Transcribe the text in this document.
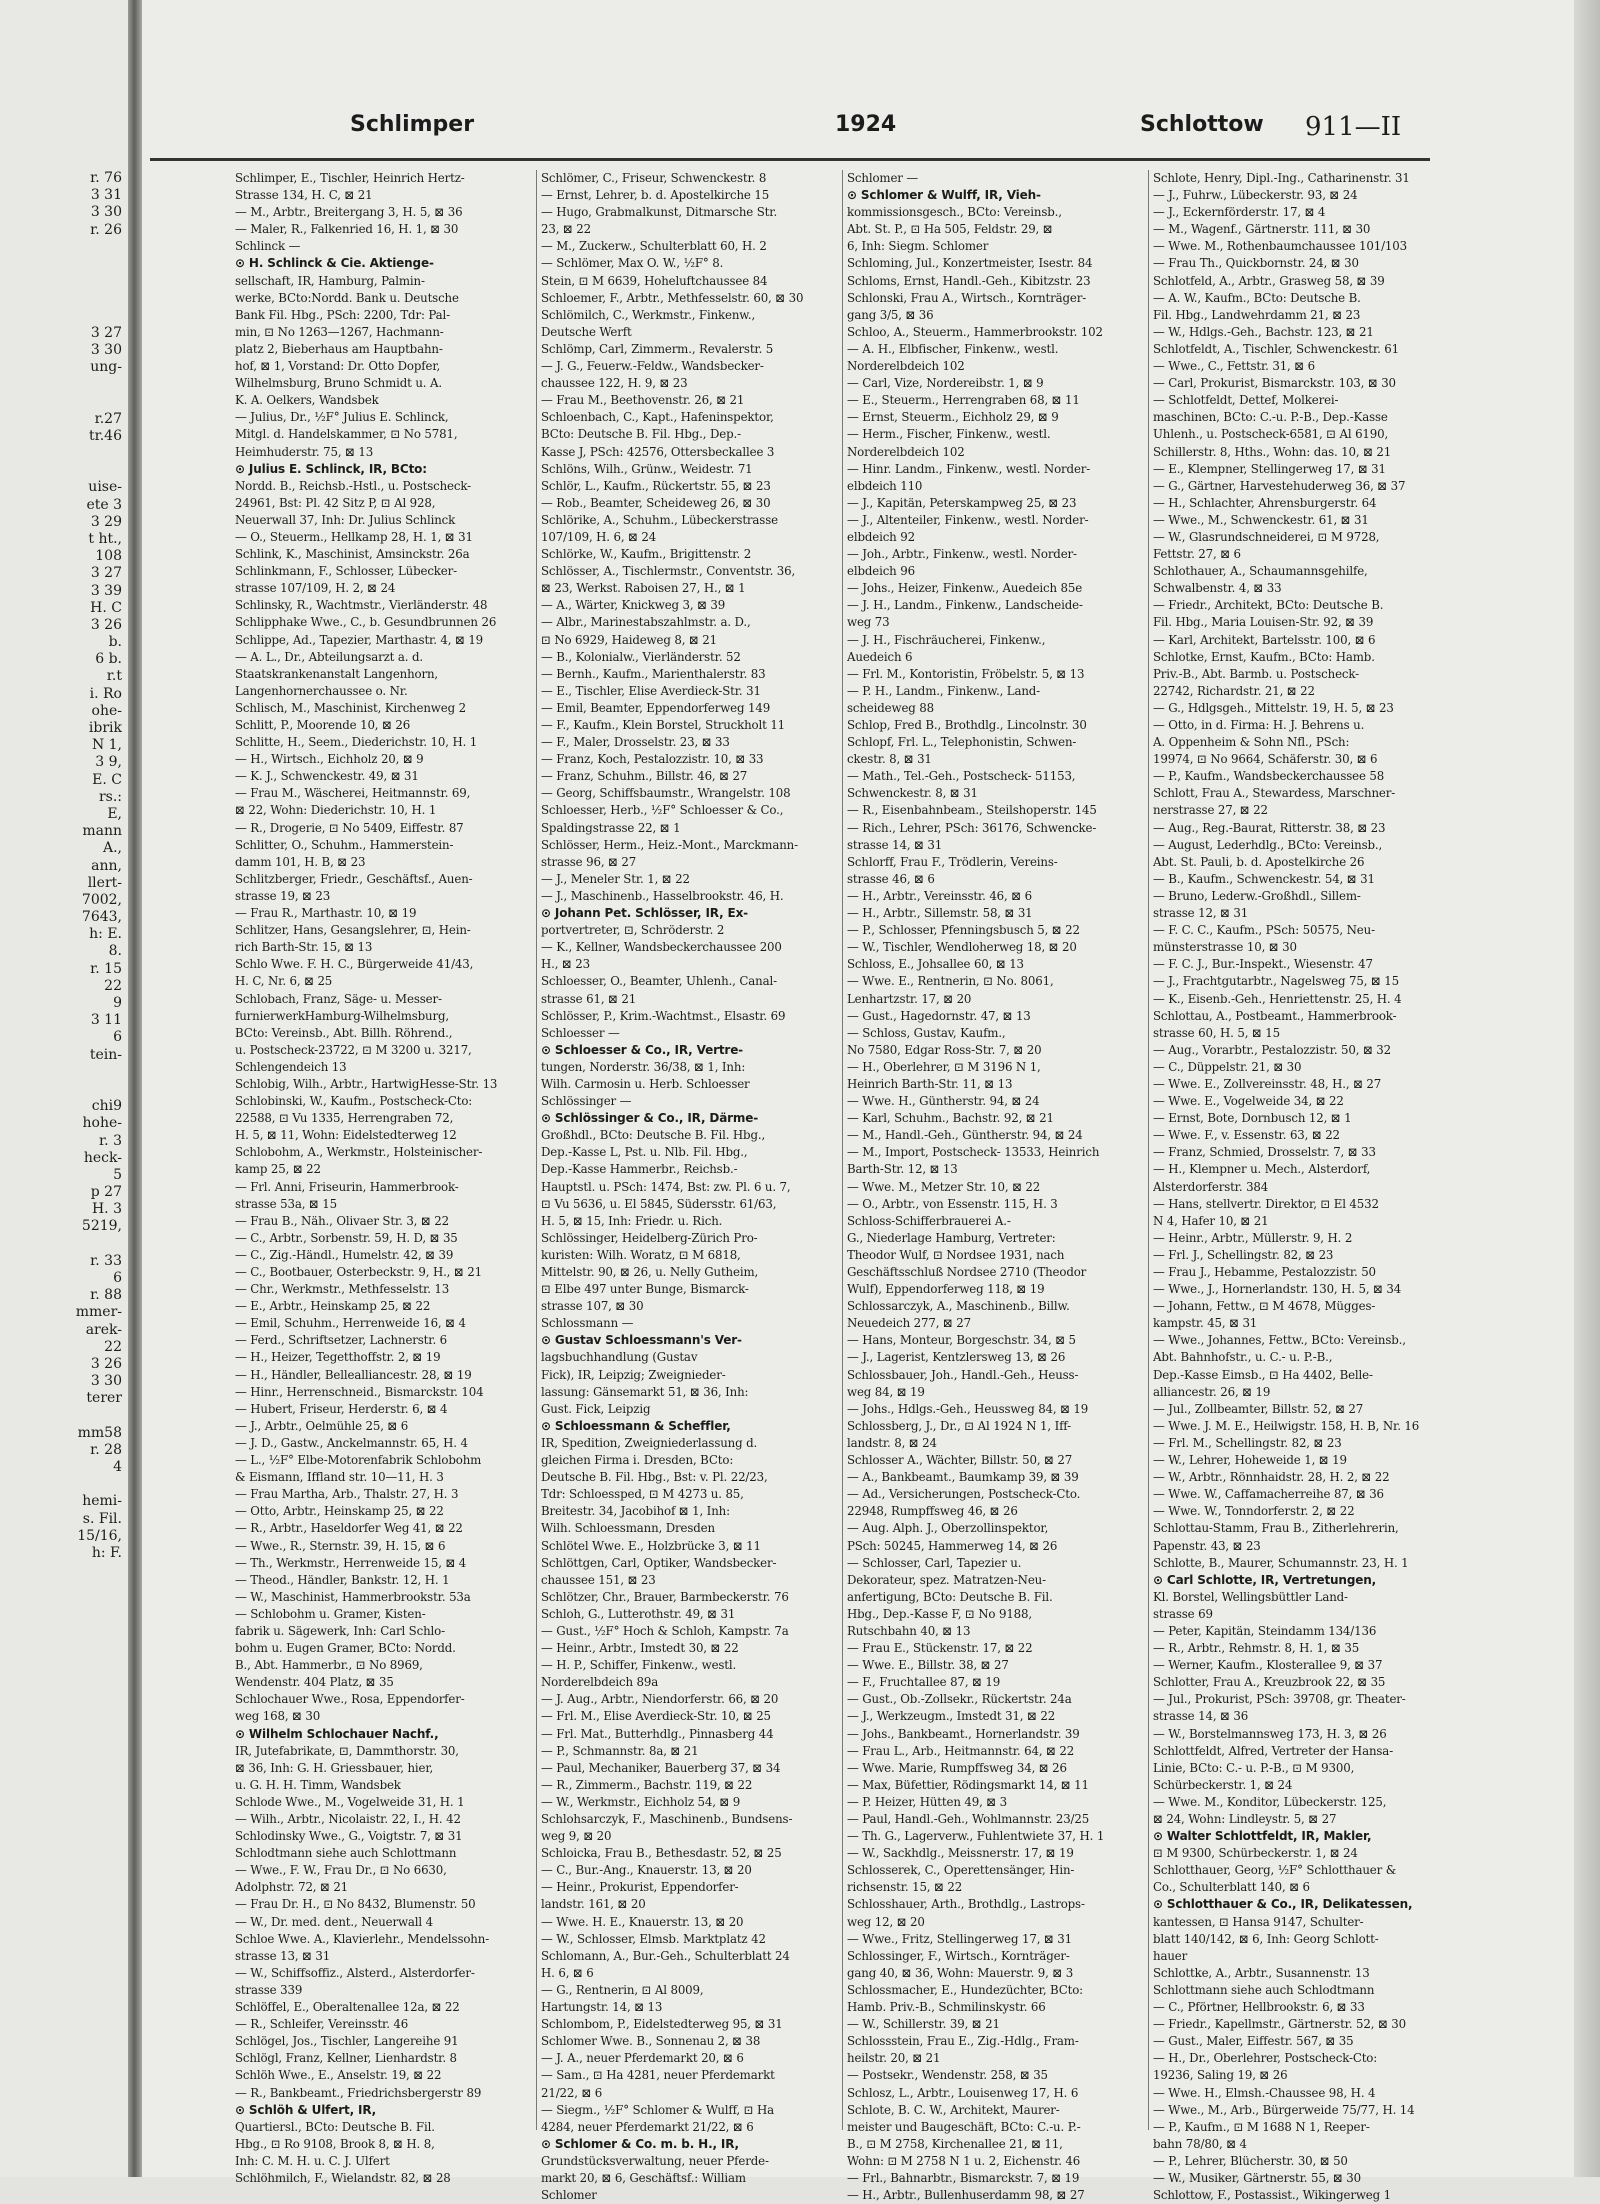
r. 76
3 31
3 30
r. 26
3 27
3 30
ung-
r.27
tr.46
uise-
ete 3
3 29
t ht.,
108
3 27
3 39
H. C
3 26
b.
6 b.
r.t
i. Ro
ohe-
ibrik
N 1,
3 9,
E. C
rs.:
E,
mann
A.,
ann,
llert-
7002,
7643,
h: E.
8.
r. 15
22
9
3 11
6
tein-
chi9
hohe-
r. 3
heck-
5
p 27
H. 3
5219,
r. 33
6
r. 88
mmer-
arek-
22
3 26
3 30
terer
mm58
r. 28
4
hemi-
s. Fil.
15/16,
h: F.
Schlimper	1924	Schlottow 911—II
Schlimper, E., Tischler, Heinrich Hertz-
Strasse 134, H. C, ⊠ 21
— M., Arbtr., Breitergang 3, H. 5, ⊠ 36
— Maler, R., Falkenried 16, H. 1, ⊠ 30
Schlinck —
⊙ H. Schlinck & Cie. Aktienge-
sellschaft, IR, Hamburg, Palmin-
werke, BCto:Nordd. Bank u. Deutsche
Bank Fil. Hbg., PSch: 2200, Tdr: Pal-
min, ⊡ No 1263—1267, Hachmann-
platz 2, Bieberhaus am Hauptbahn-
hof, ⊠ 1, Vorstand: Dr. Otto Dopfer,
Wilhelmsburg, Bruno Schmidt u. A.
K. A. Oelkers, Wandsbek
— Julius, Dr., ½F° Julius E. Schlinck,
Mitgl. d. Handelskammer, ⊡ No 5781,
Heimhuderstr. 75, ⊠ 13
⊙ Julius E. Schlinck, IR, BCto:
Nordd. B., Reichsb.-Hstl., u. Postscheck-
24961, Bst: Pl. 42 Sitz P, ⊡ Al 928,
Neuerwall 37, Inh: Dr. Julius Schlinck
— O., Steuerm., Hellkamp 28, H. 1, ⊠ 31
Schlink, K., Maschinist, Amsinckstr. 26a
Schlinkmann, F., Schlosser, Lübecker-
strasse 107/109, H. 2, ⊠ 24
Schlinsky, R., Wachtmstr., Vierländerstr. 48
Schlipphake Wwe., C., b. Gesundbrunnen 26
Schlippe, Ad., Tapezier, Marthastr. 4, ⊠ 19
— A. L., Dr., Abteilungsarzt a. d.
Staatskrankenanstalt Langenhorn,
Langenhornerchaussee o. Nr.
Schlisch, M., Maschinist, Kirchenweg 2
Schlitt, P., Moorende 10, ⊠ 26
Schlitte, H., Seem., Diederichstr. 10, H. 1
— H., Wirtsch., Eichholz 20, ⊠ 9
— K. J., Schwenckestr. 49, ⊠ 31
— Frau M., Wäscherei, Heitmannstr. 69,
⊠ 22, Wohn: Diederichstr. 10, H. 1
— R., Drogerie, ⊡ No 5409, Eiffestr. 87
Schlitter, O., Schuhm., Hammerstein-
damm 101, H. B, ⊠ 23
Schlitzberger, Friedr., Geschäftsf., Auen-
strasse 19, ⊠ 23
— Frau R., Marthastr. 10, ⊠ 19
Schlitzer, Hans, Gesangslehrer, ⊡, Hein-
rich Barth-Str. 15, ⊠ 13
Schlo Wwe. F. H. C., Bürgerweide 41/43,
H. C, Nr. 6, ⊠ 25
Schlobach, Franz, Säge- u. Messer-
furnierwerkHamburg-Wilhelmsburg,
BCto: Vereinsb., Abt. Billh. Röhrend.,
u. Postscheck-23722, ⊡ M 3200 u. 3217,
Schlengendeich 13
Schlobig, Wilh., Arbtr., HartwigHesse-Str. 13
Schlobinski, W., Kaufm., Postscheck-Cto:
22588, ⊡ Vu 1335, Herrengraben 72,
H. 5, ⊠ 11, Wohn: Eidelstedterweg 12
Schlobohm, A., Werkmstr., Holsteinischer-
kamp 25, ⊠ 22
— Frl. Anni, Friseurin, Hammerbrook-
strasse 53a, ⊠ 15
— Frau B., Näh., Olivaer Str. 3, ⊠ 22
— C., Arbtr., Sorbenstr. 59, H. D, ⊠ 35
— C., Zig.-Händl., Humelstr. 42, ⊠ 39
— C., Bootbauer, Osterbeckstr. 9, H., ⊠ 21
— Chr., Werkmstr., Methfesselstr. 13
— E., Arbtr., Heinskamp 25, ⊠ 22
— Emil, Schuhm., Herrenweide 16, ⊠ 4
— Ferd., Schriftsetzer, Lachnerstr. 6
— H., Heizer, Tegetthoffstr. 2, ⊠ 19
— H., Händler, Bellealliancestr. 28, ⊠ 19
— Hinr., Herrenschneid., Bismarckstr. 104
— Hubert, Friseur, Herderstr. 6, ⊠ 4
— J., Arbtr., Oelmühle 25, ⊠ 6
— J. D., Gastw., Anckelmannstr. 65, H. 4
— L., ½F° Elbe-Motorenfabrik Schlobohm
& Eismann, Iffland str. 10—11, H. 3
— Frau Martha, Arb., Thalstr. 27, H. 3
— Otto, Arbtr., Heinskamp 25, ⊠ 22
— R., Arbtr., Haseldorfer Weg 41, ⊠ 22
— Wwe., R., Sternstr. 39, H. 15, ⊠ 6
— Th., Werkmstr., Herrenweide 15, ⊠ 4
— Theod., Händler, Bankstr. 12, H. 1
— W., Maschinist, Hammerbrookstr. 53a
— Schlobohm u. Gramer, Kisten-
fabrik u. Sägewerk, Inh: Carl Schlo-
bohm u. Eugen Gramer, BCto: Nordd.
B., Abt. Hammerbr., ⊡ No 8969,
Wendenstr. 404 Platz, ⊠ 35
Schlochauer Wwe., Rosa, Eppendorfer-
weg 168, ⊠ 30
⊙ Wilhelm Schlochauer Nachf.,
IR, Jutefabrikate, ⊡, Dammthorstr. 30,
⊠ 36, Inh: G. H. Griessbauer, hier,
u. G. H. H. Timm, Wandsbek
Schlode Wwe., M., Vogelweide 31, H. 1
— Wilh., Arbtr., Nicolaistr. 22, I., H. 42
Schlodinsky Wwe., G., Voigtstr. 7, ⊠ 31
Schlodtmann siehe auch Schlottmann
— Wwe., F. W., Frau Dr., ⊡ No 6630,
Adolphstr. 72, ⊠ 21
— Frau Dr. H., ⊡ No 8432, Blumenstr. 50
— W., Dr. med. dent., Neuerwall 4
Schloe Wwe. A., Klavierlehr., Mendelssohn-
strasse 13, ⊠ 31
— W., Schiffsoffiz., Alsterd., Alsterdorfer-
strasse 339
Schlöffel, E., Oberaltenallee 12a, ⊠ 22
— R., Schleifer, Vereinsstr. 46
Schlögel, Jos., Tischler, Langereihe 91
Schlögl, Franz, Kellner, Lienhardstr. 8
Schlöh Wwe., E., Anselstr. 19, ⊠ 22
— R., Bankbeamt., Friedrichsbergerstr 89
⊙ Schlöh & Ulfert, IR,
Quartiersl., BCto: Deutsche B. Fil.
Hbg., ⊡ Ro 9108, Brook 8, ⊠ H. 8,
Inh: C. M. H. u. C. J. Ulfert
Schlöhmilch, F., Wielandstr. 82, ⊠ 28
Schlömer, C., Friseur, Schwenckestr. 8
— Ernst, Lehrer, b. d. Apostelkirche 15
— Hugo, Grabmalkunst, Ditmarsche Str.
23, ⊠ 22
— M., Zuckerw., Schulterblatt 60, H. 2
— Schlömer, Max O. W., ½F° 8.
Stein, ⊡ M 6639, Hoheluftchaussee 84
Schloemer, F., Arbtr., Methfesselstr. 60, ⊠ 30
Schlömilch, C., Werkmstr., Finkenw.,
Deutsche Werft
Schlömp, Carl, Zimmerm., Revalerstr. 5
— J. G., Feuerw.-Feldw., Wandsbecker-
chaussee 122, H. 9, ⊠ 23
— Frau M., Beethovenstr. 26, ⊠ 21
Schloenbach, C., Kapt., Hafeninspektor,
BCto: Deutsche B. Fil. Hbg., Dep.-
Kasse J, PSch: 42576, Ottersbeckallee 3
Schlöns, Wilh., Grünw., Weidestr. 71
Schlör, L., Kaufm., Rückertstr. 55, ⊠ 23
— Rob., Beamter, Scheideweg 26, ⊠ 30
Schlörike, A., Schuhm., Lübeckerstrasse
107/109, H. 6, ⊠ 24
Schlörke, W., Kaufm., Brigittenstr. 2
Schlösser, A., Tischlermstr., Conventstr. 36,
⊠ 23, Werkst. Raboisen 27, H., ⊠ 1
— A., Wärter, Knickweg 3, ⊠ 39
— Albr., Marinestabszahlmstr. a. D.,
⊡ No 6929, Haideweg 8, ⊠ 21
— B., Kolonialw., Vierländerstr. 52
— Bernh., Kaufm., Marienthalerstr. 83
— E., Tischler, Elise Averdieck-Str. 31
— Emil, Beamter, Eppendorferweg 149
— F., Kaufm., Klein Borstel, Struckholt 11
— F., Maler, Drosselstr. 23, ⊠ 33
— Franz, Koch, Pestalozzistr. 10, ⊠ 33
— Franz, Schuhm., Billstr. 46, ⊠ 27
— Georg, Schiffsbaumstr., Wrangelstr. 108
Schloesser, Herb., ½F° Schloesser & Co.,
Spaldingstrasse 22, ⊠ 1
Schlösser, Herm., Heiz.-Mont., Marckmann-
strasse 96, ⊠ 27
— J., Meneler Str. 1, ⊠ 22
— J., Maschinenb., Hasselbrookstr. 46, H.
⊙ Johann Pet. Schlösser, IR, Ex-
portvertreter, ⊡, Schröderstr. 2
— K., Kellner, Wandsbeckerchaussee 200
H., ⊠ 23
Schloesser, O., Beamter, Uhlenh., Canal-
strasse 61, ⊠ 21
Schlösser, P., Krim.-Wachtmst., Elsastr. 69
Schloesser —
⊙ Schloesser & Co., IR, Vertre-
tungen, Norderstr. 36/38, ⊠ 1, Inh:
Wilh. Carmosin u. Herb. Schloesser
Schlössinger —
⊙ Schlössinger & Co., IR, Därme-
Großhdl., BCto: Deutsche B. Fil. Hbg.,
Dep.-Kasse L, Pst. u. Nlb. Fil. Hbg.,
Dep.-Kasse Hammerbr., Reichsb.-
Hauptstl. u. PSch: 1474, Bst: zw. Pl. 6 u. 7,
⊡ Vu 5636, u. El 5845, Südersstr. 61/63,
H. 5, ⊠ 15, Inh: Friedr. u. Rich.
Schlössinger, Heidelberg-Zürich Pro-
kuristen: Wilh. Woratz, ⊡ M 6818,
Mittelstr. 90, ⊠ 26, u. Nelly Gutheim,
⊡ Elbe 497 unter Bunge, Bismarck-
strasse 107, ⊠ 30
Schlossmann —
⊙ Gustav Schloessmann's Ver-
lagsbuchhandlung (Gustav
Fick), IR, Leipzig; Zweignieder-
lassung: Gänsemarkt 51, ⊠ 36, Inh:
Gust. Fick, Leipzig
⊙ Schloessmann & Scheffler,
IR, Spedition, Zweigniederlassung d.
gleichen Firma i. Dresden, BCto:
Deutsche B. Fil. Hbg., Bst: v. Pl. 22/23,
Tdr: Schloessped, ⊡ M 4273 u. 85,
Breitestr. 34, Jacobihof ⊠ 1, Inh:
Wilh. Schloessmann, Dresden
Schlötel Wwe. E., Holzbrücke 3, ⊠ 11
Schlöttgen, Carl, Optiker, Wandsbecker-
chaussee 151, ⊠ 23
Schlötzer, Chr., Brauer, Barmbeckerstr. 76
Schloh, G., Lutterothstr. 49, ⊠ 31
— Gust., ½F° Hoch & Schloh, Kampstr. 7a
— Heinr., Arbtr., Imstedt 30, ⊠ 22
— H. P., Schiffer, Finkenw., westl.
Norderelbdeich 89a
— J. Aug., Arbtr., Niendorferstr. 66, ⊠ 20
— Frl. M., Elise Averdieck-Str. 10, ⊠ 25
— Frl. Mat., Butterhdlg., Pinnasberg 44
— P., Schmannstr. 8a, ⊠ 21
— Paul, Mechaniker, Bauerberg 37, ⊠ 34
— R., Zimmerm., Bachstr. 119, ⊠ 22
— W., Werkmstr., Eichholz 54, ⊠ 9
Schlohsarczyk, F., Maschinenb., Bundsens-
weg 9, ⊠ 20
Schloicka, Frau B., Bethesdastr. 52, ⊠ 25
— C., Bur.-Ang., Knauerstr. 13, ⊠ 20
— Heinr., Prokurist, Eppendorfer-
landstr. 161, ⊠ 20
— Wwe. H. E., Knauerstr. 13, ⊠ 20
— W., Schlosser, Elmsb. Marktplatz 42
Schlomann, A., Bur.-Geh., Schulterblatt 24
H. 6, ⊠ 6
— G., Rentnerin, ⊡ Al 8009,
Hartungstr. 14, ⊠ 13
Schlombom, P., Eidelstedterweg 95, ⊠ 31
Schlomer Wwe. B., Sonnenau 2, ⊠ 38
— J. A., neuer Pferdemarkt 20, ⊠ 6
— Sam., ⊡ Ha 4281, neuer Pferdemarkt
21/22, ⊠ 6
— Siegm., ½F° Schlomer & Wulff, ⊡ Ha
4284, neuer Pferdemarkt 21/22, ⊠ 6
⊙ Schlomer & Co. m. b. H., IR,
Grundstücksverwaltung, neuer Pferde-
markt 20, ⊠ 6, Geschäftsf.: William
Schlomer
Schlomer —
⊙ Schlomer & Wulff, IR, Vieh-
kommissionsgesch., BCto: Vereinsb.,
Abt. St. P., ⊡ Ha 505, Feldstr. 29, ⊠
6, Inh: Siegm. Schlomer
Schloming, Jul., Konzertmeister, Isestr. 84
Schloms, Ernst, Handl.-Geh., Kibitzstr. 23
Schlonski, Frau A., Wirtsch., Kornträger-
gang 3/5, ⊠ 36
Schloo, A., Steuerm., Hammerbrookstr. 102
— A. H., Elbfischer, Finkenw., westl.
Norderelbdeich 102
— Carl, Vize, Nordereibstr. 1, ⊠ 9
— E., Steuerm., Herrengraben 68, ⊠ 11
— Ernst, Steuerm., Eichholz 29, ⊠ 9
— Herm., Fischer, Finkenw., westl.
Norderelbdeich 102
— Hinr. Landm., Finkenw., westl. Norder-
elbdeich 110
— J., Kapitän, Peterskampweg 25, ⊠ 23
— J., Altenteiler, Finkenw., westl. Norder-
elbdeich 92
— Joh., Arbtr., Finkenw., westl. Norder-
elbdeich 96
— Johs., Heizer, Finkenw., Auedeich 85e
— J. H., Landm., Finkenw., Landscheide-
weg 73
— J. H., Fischräucherei, Finkenw.,
Auedeich 6
— Frl. M., Kontoristin, Fröbelstr. 5, ⊠ 13
— P. H., Landm., Finkenw., Land-
scheideweg 88
Schlop, Fred B., Brothdlg., Lincolnstr. 30
Schlopf, Frl. L., Telephonistin, Schwen-
ckestr. 8, ⊠ 31
— Math., Tel.-Geh., Postscheck- 51153,
Schwenckestr. 8, ⊠ 31
— R., Eisenbahnbeam., Steilshoperstr. 145
— Rich., Lehrer, PSch: 36176, Schwencke-
strasse 14, ⊠ 31
Schlorff, Frau F., Trödlerin, Vereins-
strasse 46, ⊠ 6
— H., Arbtr., Vereinsstr. 46, ⊠ 6
— H., Arbtr., Sillemstr. 58, ⊠ 31
— P., Schlosser, Pfenningsbusch 5, ⊠ 22
— W., Tischler, Wendloherweg 18, ⊠ 20
Schloss, E., Johsallee 60, ⊠ 13
— Wwe. E., Rentnerin, ⊡ No. 8061,
Lenhartzstr. 17, ⊠ 20
— Gust., Hagedornstr. 47, ⊠ 13
— Schloss, Gustav, Kaufm.,
No 7580, Edgar Ross-Str. 7, ⊠ 20
— H., Oberlehrer, ⊡ M 3196 N 1,
Heinrich Barth-Str. 11, ⊠ 13
— Wwe. H., Güntherstr. 94, ⊠ 24
— Karl, Schuhm., Bachstr. 92, ⊠ 21
— M., Handl.-Geh., Güntherstr. 94, ⊠ 24
— M., Import, Postscheck- 13533, Heinrich
Barth-Str. 12, ⊠ 13
— Wwe. M., Metzer Str. 10, ⊠ 22
— O., Arbtr., von Essenstr. 115, H. 3
Schloss-Schifferbrauerei A.-
G., Niederlage Hamburg, Vertreter:
Theodor Wulf, ⊡ Nordsee 1931, nach
Geschäftsschluß Nordsee 2710 (Theodor
Wulf), Eppendorferweg 118, ⊠ 19
Schlossarczyk, A., Maschinenb., Billw.
Neuedeich 277, ⊠ 27
— Hans, Monteur, Borgeschstr. 34, ⊠ 5
— J., Lagerist, Kentzlersweg 13, ⊠ 26
Schlossbauer, Joh., Handl.-Geh., Heuss-
weg 84, ⊠ 19
— Johs., Hdlgs.-Geh., Heussweg 84, ⊠ 19
Schlossberg, J., Dr., ⊡ Al 1924 N 1, Iff-
landstr. 8, ⊠ 24
Schlosser A., Wächter, Billstr. 50, ⊠ 27
— A., Bankbeamt., Baumkamp 39, ⊠ 39
— Ad., Versicherungen, Postscheck-Cto.
22948, Rumpffsweg 46, ⊠ 26
— Aug. Alph. J., Oberzollinspektor,
PSch: 50245, Hammerweg 14, ⊠ 26
— Schlosser, Carl, Tapezier u.
Dekorateur, spez. Matratzen-Neu-
anfertigung, BCto: Deutsche B. Fil.
Hbg., Dep.-Kasse F, ⊡ No 9188,
Rutschbahn 40, ⊠ 13
— Frau E., Stückenstr. 17, ⊠ 22
— Wwe. E., Billstr. 38, ⊠ 27
— F., Fruchtallee 87, ⊠ 19
— Gust., Ob.-Zollsekr., Rückertstr. 24a
— J., Werkzeugm., Imstedt 31, ⊠ 22
— Johs., Bankbeamt., Hornerlandstr. 39
— Frau L., Arb., Heitmannstr. 64, ⊠ 22
— Wwe. Marie, Rumpffsweg 34, ⊠ 26
— Max, Büfettier, Rödingsmarkt 14, ⊠ 11
— P. Heizer, Hütten 49, ⊠ 3
— Paul, Handl.-Geh., Wohlmannstr. 23/25
— Th. G., Lagerverw., Fuhlentwiete 37, H. 1
— W., Sackhdlg., Meissnerstr. 17, ⊠ 19
Schlosserek, C., Operettensänger, Hin-
richsenstr. 15, ⊠ 22
Schlosshauer, Arth., Brothdlg., Lastrops-
weg 12, ⊠ 20
— Wwe., Fritz, Stellingerweg 17, ⊠ 31
Schlossinger, F., Wirtsch., Kornträger-
gang 40, ⊠ 36, Wohn: Mauerstr. 9, ⊠ 3
Schlossmacher, E., Hundezüchter, BCto:
Hamb. Priv.-B., Schmilinskystr. 66
— W., Schillerstr. 39, ⊠ 21
Schlossstein, Frau E., Zig.-Hdlg., Fram-
heilstr. 20, ⊠ 21
— Postsekr., Wendenstr. 258, ⊠ 35
Schlosz, L., Arbtr., Louisenweg 17, H. 6
Schlote, B. C. W., Architekt, Maurer-
meister und Baugeschäft, BCto: C.-u. P.-
B., ⊡ M 2758, Kirchenallee 21, ⊠ 11,
Wohn: ⊡ M 2758 N 1 u. 2, Eichenstr. 46
— Frl., Bahnarbtr., Bismarckstr. 7, ⊠ 19
— H., Arbtr., Bullenhuserdamm 98, ⊠ 27
Schlote, Henry, Dipl.-Ing., Catharinenstr. 31
— J., Fuhrw., Lübeckerstr. 93, ⊠ 24
— J., Eckernförderstr. 17, ⊠ 4
— M., Wagenf., Gärtnerstr. 111, ⊠ 30
— Wwe. M., Rothenbaumchaussee 101/103
— Frau Th., Quickbornstr. 24, ⊠ 30
Schlotfeld, A., Arbtr., Grasweg 58, ⊠ 39
— A. W., Kaufm., BCto: Deutsche B.
Fil. Hbg., Landwehrdamm 21, ⊠ 23
— W., Hdlgs.-Geh., Bachstr. 123, ⊠ 21
Schlotfeldt, A., Tischler, Schwenckestr. 61
— Wwe., C., Fettstr. 31, ⊠ 6
— Carl, Prokurist, Bismarckstr. 103, ⊠ 30
— Schlotfeldt, Dettef, Molkerei-
maschinen, BCto: C.-u. P.-B., Dep.-Kasse
Uhlenh., u. Postscheck-6581, ⊡ Al 6190,
Schillerstr. 8, Hths., Wohn: das. 10, ⊠ 21
— E., Klempner, Stellingerweg 17, ⊠ 31
— G., Gärtner, Harvestehuderweg 36, ⊠ 37
— H., Schlachter, Ahrensburgerstr. 64
— Wwe., M., Schwenckestr. 61, ⊠ 31
— W., Glasrundschneiderei, ⊡ M 9728,
Fettstr. 27, ⊠ 6
Schlothauer, A., Schaumannsgehilfe,
Schwalbenstr. 4, ⊠ 33
— Friedr., Architekt, BCto: Deutsche B.
Fil. Hbg., Maria Louisen-Str. 92, ⊠ 39
— Karl, Architekt, Bartelsstr. 100, ⊠ 6
Schlotke, Ernst, Kaufm., BCto: Hamb.
Priv.-B., Abt. Barmb. u. Postscheck-
22742, Richardstr. 21, ⊠ 22
— G., Hdlgsgeh., Mittelstr. 19, H. 5, ⊠ 23
— Otto, in d. Firma: H. J. Behrens u.
A. Oppenheim & Sohn Nfl., PSch:
19974, ⊡ No 9664, Schäferstr. 30, ⊠ 6
— P., Kaufm., Wandsbeckerchaussee 58
Schlott, Frau A., Stewardess, Marschner-
nerstrasse 27, ⊠ 22
— Aug., Reg.-Baurat, Ritterstr. 38, ⊠ 23
— August, Lederhdlg., BCto: Vereinsb.,
Abt. St. Pauli, b. d. Apostelkirche 26
— B., Kaufm., Schwenckestr. 54, ⊠ 31
— Bruno, Lederw.-Großhdl., Sillem-
strasse 12, ⊠ 31
— F. C. C., Kaufm., PSch: 50575, Neu-
münsterstrasse 10, ⊠ 30
— F. C. J., Bur.-Inspekt., Wiesenstr. 47
— J., Frachtgutarbtr., Nagelsweg 75, ⊠ 15
— K., Eisenb.-Geh., Henriettenstr. 25, H. 4
Schlottau, A., Postbeamt., Hammerbrook-
strasse 60, H. 5, ⊠ 15
— Aug., Vorarbtr., Pestalozzistr. 50, ⊠ 32
— C., Düppelstr. 21, ⊠ 30
— Wwe. E., Zollvereinsstr. 48, H., ⊠ 27
— Wwe. E., Vogelweide 34, ⊠ 22
— Ernst, Bote, Dornbusch 12, ⊠ 1
— Wwe. F., v. Essenstr. 63, ⊠ 22
— Franz, Schmied, Drosselstr. 7, ⊠ 33
— H., Klempner u. Mech., Alsterdorf,
Alsterdorferstr. 384
— Hans, stellvertr. Direktor, ⊡ El 4532
N 4, Hafer 10, ⊠ 21
— Heinr., Arbtr., Müllerstr. 9, H. 2
— Frl. J., Schellingstr. 82, ⊠ 23
— Frau J., Hebamme, Pestalozzistr. 50
— Wwe., J., Hornerlandstr. 130, H. 5, ⊠ 34
— Johann, Fettw., ⊡ M 4678, Mügges-
kampstr. 45, ⊠ 31
— Wwe., Johannes, Fettw., BCto: Vereinsb.,
Abt. Bahnhofstr., u. C.- u. P.-B.,
Dep.-Kasse Eimsb., ⊡ Ha 4402, Belle-
alliancestr. 26, ⊠ 19
— Jul., Zollbeamter, Billstr. 52, ⊠ 27
— Wwe. J. M. E., Heilwigstr. 158, H. B, Nr. 16
— Frl. M., Schellingstr. 82, ⊠ 23
— W., Lehrer, Hoheweide 1, ⊠ 19
— W., Arbtr., Rönnhaidstr. 28, H. 2, ⊠ 22
— Wwe. W., Caffamacherreihe 87, ⊠ 36
— Wwe. W., Tonndorferstr. 2, ⊠ 22
Schlottau-Stamm, Frau B., Zitherlehrerin,
Papenstr. 43, ⊠ 23
Schlotte, B., Maurer, Schumannstr. 23, H. 1
⊙ Carl Schlotte, IR, Vertretungen,
Kl. Borstel, Wellingsbüttler Land-
strasse 69
— Peter, Kapitän, Steindamm 134/136
— R., Arbtr., Rehmstr. 8, H. 1, ⊠ 35
— Werner, Kaufm., Klosterallee 9, ⊠ 37
Schlotter, Frau A., Kreuzbrook 22, ⊠ 35
— Jul., Prokurist, PSch: 39708, gr. Theater-
strasse 14, ⊠ 36
— W., Borstelmannsweg 173, H. 3, ⊠ 26
Schlottfeldt, Alfred, Vertreter der Hansa-
Linie, BCto: C.- u. P.-B., ⊡ M 9300,
Schürbeckerstr. 1, ⊠ 24
— Wwe. M., Konditor, Lübeckerstr. 125,
⊠ 24, Wohn: Lindleystr. 5, ⊠ 27
⊙ Walter Schlottfeldt, IR, Makler,
⊡ M 9300, Schürbeckerstr. 1, ⊠ 24
Schlotthauer, Georg, ½F° Schlotthauer &
Co., Schulterblatt 140, ⊠ 6
⊙ Schlotthauer & Co., IR, Delikatessen,
kantessen, ⊡ Hansa 9147, Schulter-
blatt 140/142, ⊠ 6, Inh: Georg Schlott-
hauer
Schlottke, A., Arbtr., Susannenstr. 13
Schlottmann siehe auch Schlodtmann
— C., Pförtner, Hellbrookstr. 6, ⊠ 33
— Friedr., Kapellmstr., Gärtnerstr. 52, ⊠ 30
— Gust., Maler, Eiffestr. 567, ⊠ 35
— H., Dr., Oberlehrer, Postscheck-Cto:
19236, Saling 19, ⊠ 26
— Wwe. H., Elmsh.-Chaussee 98, H. 4
— Wwe., M., Arb., Bürgerweide 75/77, H. 14
— P., Kaufm., ⊡ M 1688 N 1, Reeper-
bahn 78/80, ⊠ 4
— P., Lehrer, Blücherstr. 30, ⊠ 50
— W., Musiker, Gärtnerstr. 55, ⊠ 30
Schlottow, F., Postassist., Wikingerweg 1
